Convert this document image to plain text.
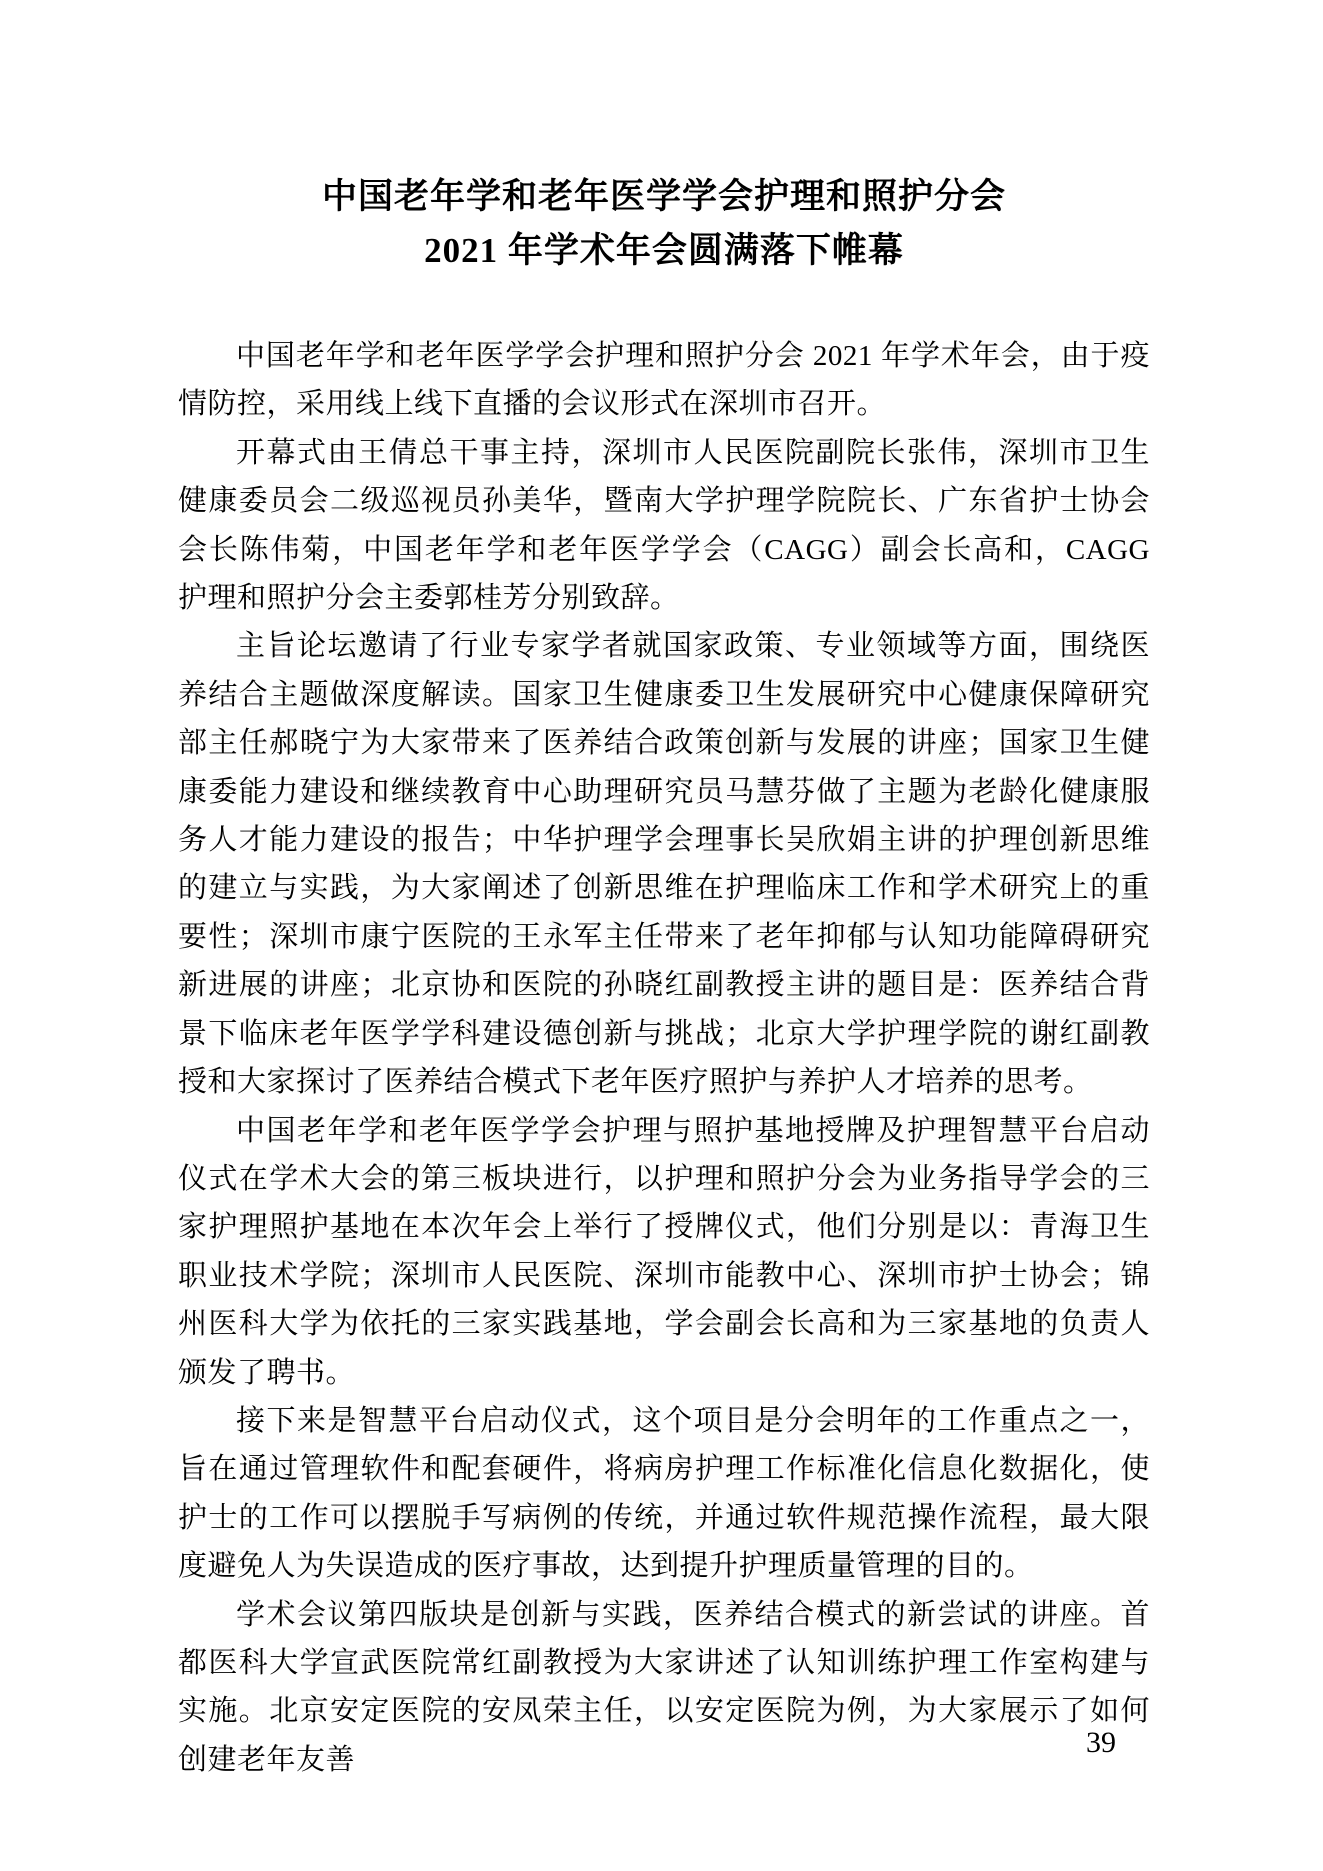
中国老年学和老年医学学会护理和照护分会
2021 年学术年会圆满落下帷幕

中国老年学和老年医学学会护理和照护分会 2021 年学术年会，由于疫情防控，采用线上线下直播的会议形式在深圳市召开。

开幕式由王倩总干事主持，深圳市人民医院副院长张伟，深圳市卫生健康委员会二级巡视员孙美华，暨南大学护理学院院长、广东省护士协会会长陈伟菊，中国老年学和老年医学学会（CAGG）副会长高和，CAGG 护理和照护分会主委郭桂芳分别致辞。

主旨论坛邀请了行业专家学者就国家政策、专业领域等方面，围绕医养结合主题做深度解读。国家卫生健康委卫生发展研究中心健康保障研究部主任郝晓宁为大家带来了医养结合政策创新与发展的讲座；国家卫生健康委能力建设和继续教育中心助理研究员马慧芬做了主题为老龄化健康服务人才能力建设的报告；中华护理学会理事长吴欣娟主讲的护理创新思维的建立与实践，为大家阐述了创新思维在护理临床工作和学术研究上的重要性；深圳市康宁医院的王永军主任带来了老年抑郁与认知功能障碍研究新进展的讲座；北京协和医院的孙晓红副教授主讲的题目是：医养结合背景下临床老年医学学科建设德创新与挑战；北京大学护理学院的谢红副教授和大家探讨了医养结合模式下老年医疗照护与养护人才培养的思考。

中国老年学和老年医学学会护理与照护基地授牌及护理智慧平台启动仪式在学术大会的第三板块进行，以护理和照护分会为业务指导学会的三家护理照护基地在本次年会上举行了授牌仪式，他们分别是以：青海卫生职业技术学院；深圳市人民医院、深圳市能教中心、深圳市护士协会；锦州医科大学为依托的三家实践基地，学会副会长高和为三家基地的负责人颁发了聘书。

接下来是智慧平台启动仪式，这个项目是分会明年的工作重点之一，旨在通过管理软件和配套硬件，将病房护理工作标准化信息化数据化，使护士的工作可以摆脱手写病例的传统，并通过软件规范操作流程，最大限度避免人为失误造成的医疗事故，达到提升护理质量管理的目的。

学术会议第四版块是创新与实践，医养结合模式的新尝试的讲座。首都医科大学宣武医院常红副教授为大家讲述了认知训练护理工作室构建与实施。北京安定医院的安凤荣主任，以安定医院为例，为大家展示了如何创建老年友善

39
